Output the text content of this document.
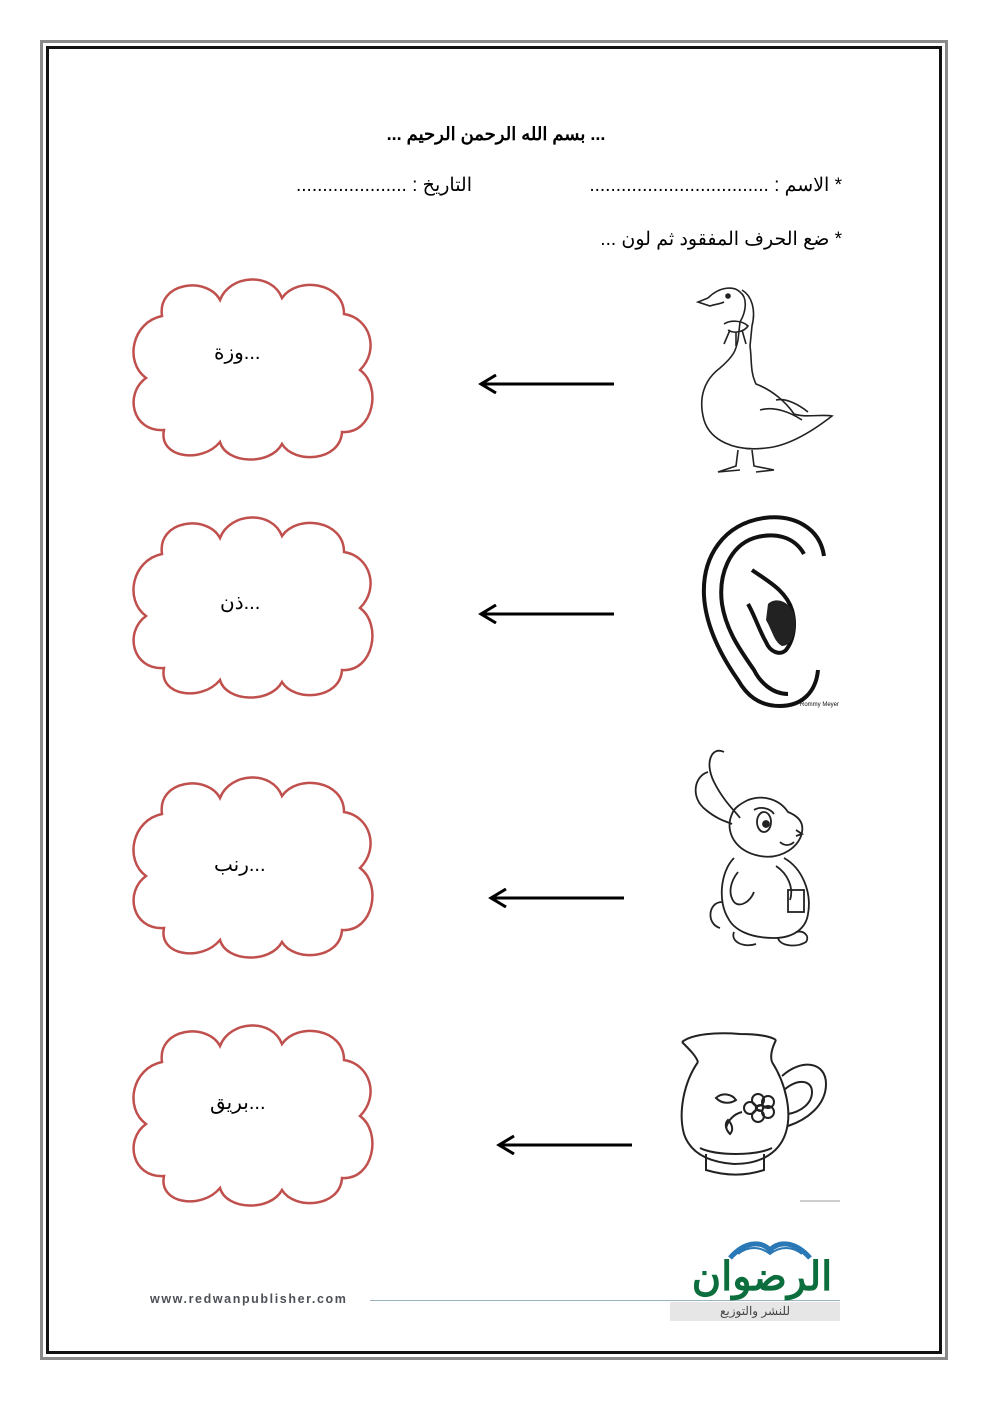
... بسم الله الرحمن الرحيم ...
* الاسم : ..................................
التاريخ : .....................
* ضع الحرف المفقود ثم لون ...
...وزة
...ذن
Rommy Meyer
...رنب
...بريق
www.redwanpublisher.com	الرضوان
للنشر والتوزيع
